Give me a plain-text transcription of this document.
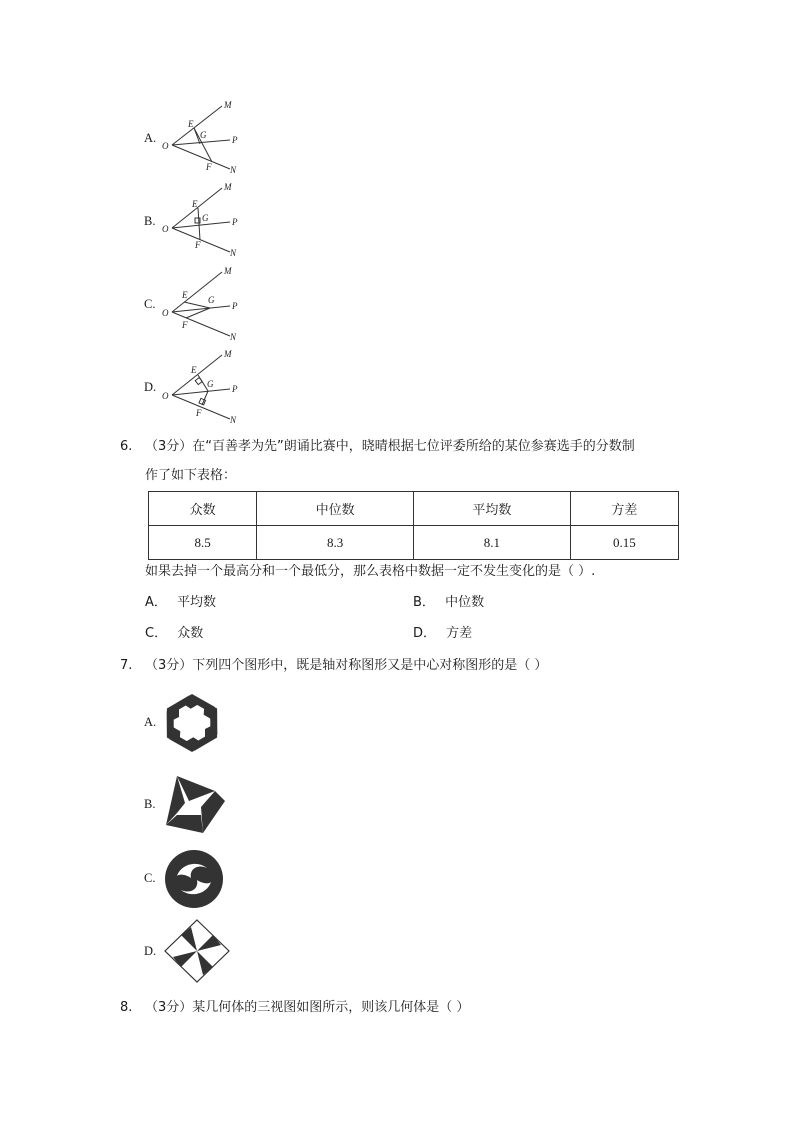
A.
O
E
G
F
M
P
N
B.
O
E
G
F
M
P
N
C.
O
E G
F
M
P
N
D.
O
E
G
F
M
P
N
6. （3分）在“百善孝为先”朗诵比赛中，晓晴根据七位评委所给的某位参赛选手的分数制
作了如下表格：
众数	中位数	平均数	方差
8.5	8.3	8.1	0.15
如果去掉一个最高分和一个最低分，那么表格中数据一定不发生变化的是（ ）.
A． 平均数	B． 中位数
C． 众数	D． 方差
7. （3分）下列四个图形中，既是轴对称图形又是中心对称图形的是（ ）
A.
B.
C.
D.
8. （3分）某几何体的三视图如图所示，则该几何体是（ ）
